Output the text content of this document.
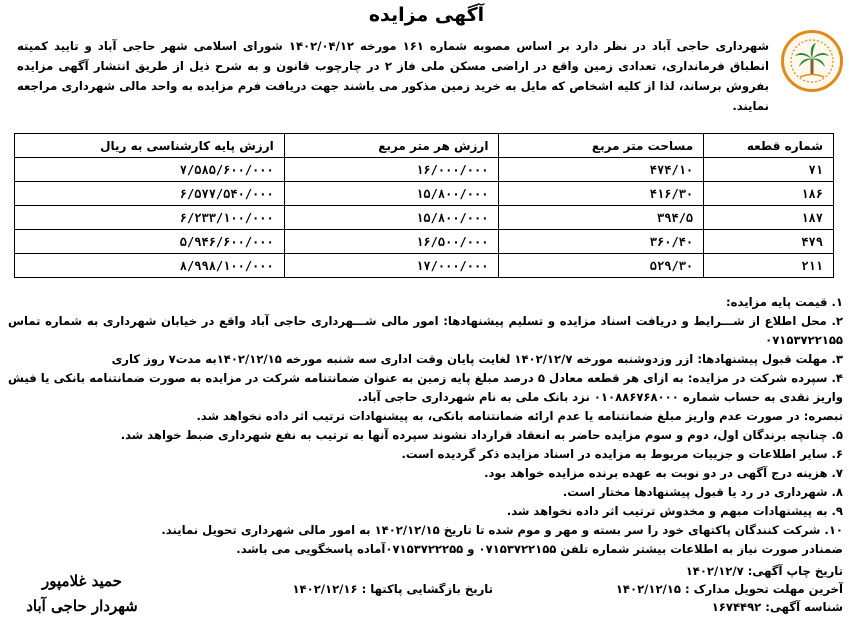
آگهی مزایده
شهرداری حاجی آباد در نظر دارد بر اساس مصوبه شماره ۱۶۱ مورخه ۱۴۰۲/۰۴/۱۲ شورای اسلامی شهر حاجی آباد و تایید کمیته انطباق فرمانداری، تعدادی زمین واقع در اراضی مسکن ملی فاز ۲ در چارچوب قانون و به شرح ذیل از طریق انتشار آگهی مزایده بفروش برساند، لذا از کلیه اشخاص که مایل به خرید زمین مذکور می باشند جهت دریافت فرم مزایده به واحد مالی شهرداری مراجعه نمایند.
شماره قطعه	مساحت متر مربع	ارزش هر متر مربع	ارزش پایه کارشناسی به ریال
۷۱	۴۷۴/۱۰	۱۶/۰۰۰/۰۰۰	۷/۵۸۵/۶۰۰/۰۰۰
۱۸۶	۴۱۶/۳۰	۱۵/۸۰۰/۰۰۰	۶/۵۷۷/۵۴۰/۰۰۰
۱۸۷	۳۹۴/۵	۱۵/۸۰۰/۰۰۰	۶/۲۳۳/۱۰۰/۰۰۰
۴۷۹	۳۶۰/۴۰	۱۶/۵۰۰/۰۰۰	۵/۹۴۶/۶۰۰/۰۰۰
۲۱۱	۵۲۹/۳۰	۱۷/۰۰۰/۰۰۰	۸/۹۹۸/۱۰۰/۰۰۰
۱. قیمت پایه مزایده:
۲. محل اطلاع از شـــرایط و دریافت اسناد مزایده و تسلیم پیشنهادها: امور مالی شـــهرداری حاجی آباد واقع در خیابان شهرداری به شماره تماس ۰۷۱۵۳۷۲۲۱۵۵
۳. مهلت قبول پیشنهادها: ازر وزدوشنبه مورخه ۱۴۰۲/۱۲/۷ لغایت پایان وقت اداری سه شنبه مورخه ۱۴۰۲/۱۲/۱۵به مدت۷ روز کاری
۴. سپرده شرکت در مزایده: به ازای هر قطعه معادل ۵ درصد مبلغ پایه زمین به عنوان ضمانتنامه شرکت در مزایده به صورت ضمانتنامه بانکی یا فیش واریز نقدی به حساب شماره ۰۱۰۸۸۶۷۶۸۰۰۰ نزد بانک ملی به نام شهرداری حاجی آباد.
تبصره: در صورت عدم واریز مبلغ ضمانتنامه یا عدم ارائه ضمانتنامه بانکی، به پیشنهادات ترتیب اثر داده نخواهد شد.
۵. چنانچه برندگان اول، دوم و سوم مزایده حاضر به انعقاد قرارداد نشوند سپرده آنها به ترتیب به نفع شهرداری ضبط خواهد شد.
۶. سایر اطلاعات و جزییات مربوط به مزایده در اسناد مزایده ذکر گردیده است.
۷. هزینه درج آگهی در دو نوبت به عهده برنده مزایده خواهد بود.
۸. شهرداری در رد یا قبول پیشنهادها مختار است.
۹. به پیشنهادات مبهم و مخدوش ترتیب اثر داده نخواهد شد.
۱۰. شرکت کنندگان پاکتهای خود را سر بسته و مهر و موم شده تا تاریخ ۱۴۰۲/۱۲/۱۵ به امور مالی شهرداری تحویل نمایند.
ضمنادر صورت نیاز به اطلاعات بیشتر شماره تلفن ۰۷۱۵۳۷۲۲۱۵۵ و ۰۷۱۵۳۷۲۲۲۵۵آماده پاسخگویی می باشد.
تاریخ چاپ آگهی: ۱۴۰۲/۱۲/۷
آخرین مهلت تحویل مدارک : ۱۴۰۲/۱۲/۱۵
تاریخ بازگشایی پاکتها : ۱۴۰۲/۱۲/۱۶
شناسه آگهی: ۱۶۷۴۴۹۲
حمید غلامپور
شهردار حاجی آباد
